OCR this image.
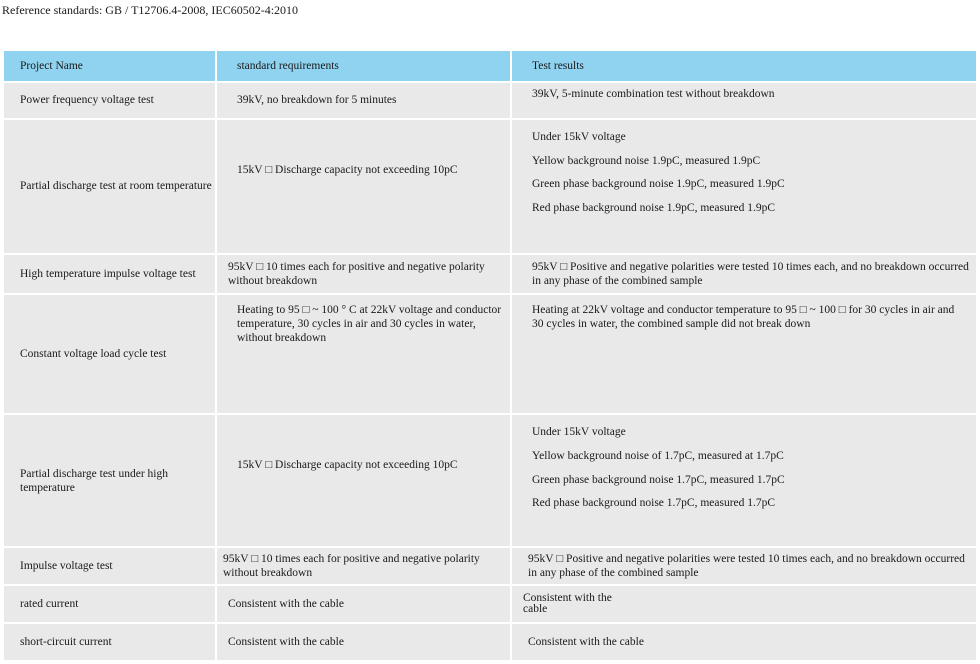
Reference standards: GB / T12706.4-2008, IEC60502-4:2010
Project Name	standard requirements	Test results
Power frequency voltage test	39kV, no breakdown for 5 minutes	39kV, 5-minute combination test without breakdown
Partial discharge test at room temperature	15kV □ Discharge capacity not exceeding 10pC	Under 15kV voltage

Yellow background noise 1.9pC, measured 1.9pC

Green phase background noise 1.9pC, measured 1.9pC

Red phase background noise 1.9pC, measured 1.9pC

High temperature impulse voltage test	95kV □ 10 times each for positive and negative polarity without breakdown	95kV □ Positive and negative polarities were tested 10 times each, and no breakdown occurred in any phase of the combined sample
Constant voltage load cycle test	Heating to 95 □ ~ 100 ° C at 22kV voltage and conductor temperature, 30 cycles in air and 30 cycles in water, without breakdown	Heating at 22kV voltage and conductor temperature to 95 □ ~ 100 □ for 30 cycles in air and 30 cycles in water, the combined sample did not break down
Partial discharge test under high temperature	15kV □ Discharge capacity not exceeding 10pC	Under 15kV voltage

Yellow background noise of 1.7pC, measured at 1.7pC

Green phase background noise 1.7pC, measured 1.7pC

Red phase background noise 1.7pC, measured 1.7pC

Impulse voltage test	95kV □ 10 times each for positive and negative polarity without breakdown	95kV □ Positive and negative polarities were tested 10 times each, and no breakdown occurred in any phase of the combined sample
rated current	Consistent with the cable	Consistent with the

cable

short-circuit current	Consistent with the cable	Consistent with the cable
